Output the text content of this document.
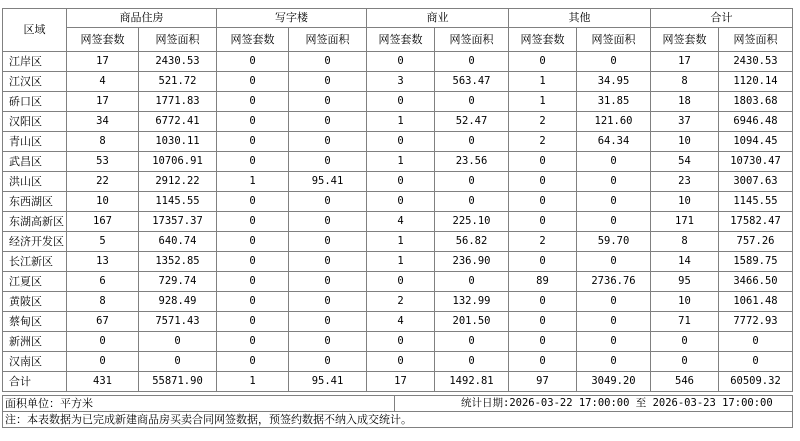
区域	商品住房		写字楼		商业		其他		合计	
	网签套数	网签面积	网签套数	网签面积	网签套数	网签面积	网签套数	网签面积	网签套数	网签面积
江岸区	17	2430.53	0	0	0	0	0	0	17	2430.53
江汉区	4	521.72	0	0	3	563.47	1	34.95	8	1120.14
硚口区	17	1771.83	0	0	0	0	1	31.85	18	1803.68
汉阳区	34	6772.41	0	0	1	52.47	2	121.60	37	6946.48
青山区	8	1030.11	0	0	0	0	2	64.34	10	1094.45
武昌区	53	10706.91	0	0	1	23.56	0	0	54	10730.47
洪山区	22	2912.22	1	95.41	0	0	0	0	23	3007.63
东西湖区	10	1145.55	0	0	0	0	0	0	10	1145.55
东湖高新区	167	17357.37	0	0	4	225.10	0	0	171	17582.47
经济开发区	5	640.74	0	0	1	56.82	2	59.70	8	757.26
长江新区	13	1352.85	0	0	1	236.90	0	0	14	1589.75
江夏区	6	729.74	0	0	0	0	89	2736.76	95	3466.50
黄陂区	8	928.49	0	0	2	132.99	0	0	10	1061.48
蔡甸区	67	7571.43	0	0	4	201.50	0	0	71	7772.93
新洲区	0	0	0	0	0	0	0	0	0	0
汉南区	0	0	0	0	0	0	0	0	0	0
合计	431	55871.90	1	95.41	17	1492.81	97	3049.20	546	60509.32
面积单位：平方米	统计日期:2026-03-22 17:00:00 至 2026-03-23 17:00:00
注：本表数据为已完成新建商品房买卖合同网签数据，预签约数据不纳入成交统计。
